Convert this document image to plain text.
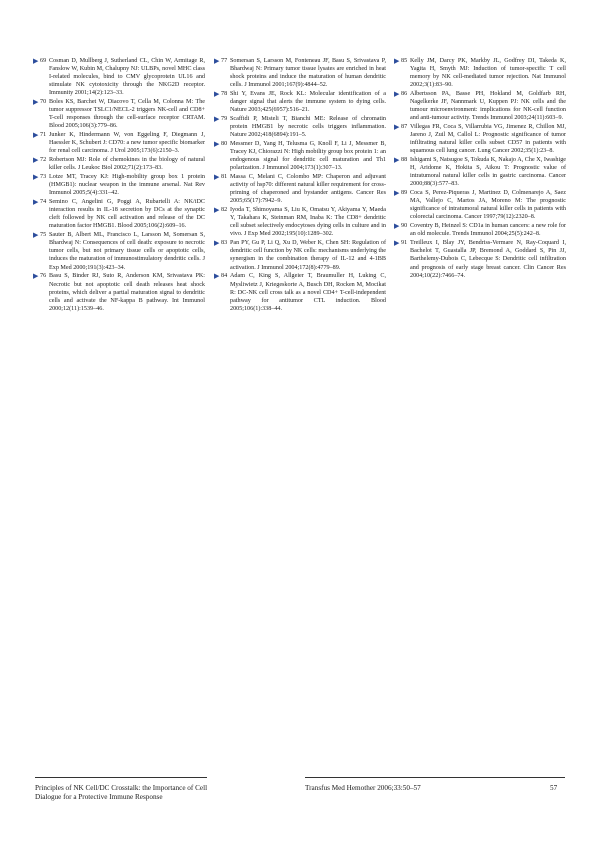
▶ 69 Cosman D, Mullberg J, Sutherland CL, Chin W, Armitage R, Fanslow W, Kubin M, Chalupny NJ: ULBPs, novel MHC class I-related molecules, bind to CMV glycoprotein UL16 and stimulate NK cytotoxicity through the NKG2D receptor. Immunity 2001;14(2):123–33.
▶ 70 Boles KS, Barchet W, Diacovo T, Cella M, Colonna M: The tumor suppressor TSLC1/NECL-2 triggers NK-cell and CD8+ T-cell responses through the cell-surface receptor CRTAM. Blood 2005;106(3):779–86.
▶ 71 Junker K, Hindermann W, von Eggeling F, Diegmann J, Haessler K, Schubert J: CD70: a new tumor specific biomarker for renal cell carcinoma. J Urol 2005;173(6):2150–3.
▶ 72 Robertson MJ: Role of chemokines in the biology of natural killer cells. J Leukoc Biol 2002;71(2):173–83.
▶ 73 Lotze MT, Tracey KJ: High-mobility group box 1 protein (HMGB1): nuclear weapon in the immune arsenal. Nat Rev Immunol 2005;5(4):331–42.
▶ 74 Semino C, Angelini G, Poggi A, Rubartelli A: NK/iDC interaction results in IL-18 secretion by DCs at the synaptic cleft followed by NK cell activation and release of the DC maturation factor HMGB1. Blood 2005;106(2):609–16.
▶ 75 Sauter B, Albert ML, Francisco L, Larsson M, Somersan S, Bhardwaj N: Consequences of cell death: exposure to necrotic tumor cells, but not primary tissue cells or apoptotic cells, induces the maturation of immunostimulatory dendritic cells. J Exp Med 2000;191(3):423–34.
▶ 76 Basu S, Binder RJ, Suto R, Anderson KM, Srivastava PK: Necrotic but not apoptotic cell death releases heat shock proteins, which deliver a partial maturation signal to dendritic cells and activate the NF-kappa B pathway. Int Immunol 2000;12(11):1539–46.
▶ 77 Somersan S, Larsson M, Fonteneau JF, Basu S, Srivastava P, Bhardwaj N: Primary tumor tissue lysates are enriched in heat shock proteins and induce the maturation of human dendritic cells. J Immunol 2001;167(9):4844–52.
▶ 78 Shi Y, Evans JE, Rock KL: Molecular identification of a danger signal that alerts the immune system to dying cells. Nature 2003;425(6957):516–21.
▶ 79 Scaffidi P, Misteli T, Bianchi ME: Release of chromatin protein HMGB1 by necrotic cells triggers inflammation. Nature 2002;418(6894):191–5.
▶ 80 Messmer D, Yang H, Telusma G, Knoll F, Li J, Messmer B, Tracey KJ, Chiorazzi N: High mobility group box protein 1: an endogenous signal for dendritic cell maturation and Th1 polarization. J Immunol 2004;173(1):307–13.
▶ 81 Massa C, Melani C, Colombo MP: Chaperon and adjuvant activity of hsp70: different natural killer requirement for cross-priming of chaperoned and bystander antigens. Cancer Res 2005;65(17):7942–9.
▶ 82 Iyoda T, Shimoyama S, Liu K, Omatsu Y, Akiyama Y, Maeda Y, Takahara K, Steinman RM, Inaba K: The CD8+ dendritic cell subset selectively endocytoses dying cells in culture and in vivo. J Exp Med 2002;195(10):1289–302.
▶ 83 Pan PY, Gu P, Li Q, Xu D, Weber K, Chen SH: Regulation of dendritic cell function by NK cells: mechanisms underlying the synergism in the combination therapy of IL-12 and 4-1BB activation. J Immunol 2004;172(8):4779–89.
▶ 84 Adam C, King S, Allgeier T, Braumuller H, Luking C, Mysliwietz J, Kriegeskorte A, Busch DH, Rocken M, Mocikat R: DC-NK cell cross talk as a novel CD4+ T-cell-independent pathway for antitumor CTL induction. Blood 2005;106(1):338–44.
▶ 85 Kelly JM, Darcy PK, Markby JL, Godfrey DI, Takeda K, Yagita H, Smyth MJ: Induction of tumor-specific T cell memory by NK cell-mediated tumor rejection. Nat Immunol 2002;3(1):83–90.
▶ 86 Albertsson PA, Basse PH, Hokland M, Goldfarb RH, Nagelkerke JF, Nannmark U, Kuppen PJ: NK cells and the tumour microenvironment: implications for NK-cell function and anti-tumour activity. Trends Immunol 2003;24(11):603–9.
▶ 87 Villegas FR, Coca S, Villarrubia VG, Jimenez R, Chillon MJ, Jareno J, Zuil M, Callol L: Prognostic significance of tumor infiltrating natural killer cells subset CD57 in patients with squamous cell lung cancer. Lung Cancer 2002;35(1):23–8.
▶ 88 Ishigami S, Natsugoe S, Tokuda K, Nakajo A, Che X, Iwashige H, Aridome K, Hokita S, Aikou T: Prognostic value of intratumoral natural killer cells in gastric carcinoma. Cancer 2000;88(3):577–83.
▶ 89 Coca S, Perez-Piqueras J, Martinez D, Colmenarejo A, Saez MA, Vallejo C, Martos JA, Moreno M: The prognostic significance of intratumoral natural killer cells in patients with colorectal carcinoma. Cancer 1997;79(12):2320–8.
▶ 90 Coventry B, Heinzel S: CD1a in human cancers: a new role for an old molecule. Trends Immunol 2004;25(5):242–8.
▶ 91 Treilleux I, Blay JY, Bendriss-Vermare N, Ray-Coquard I, Bachelot T, Guastalla JP, Bremond A, Goddard S, Pin JJ, Barthelemy-Dubois C, Lebecque S: Dendritic cell infiltration and prognosis of early stage breast cancer. Clin Cancer Res 2004;10(22):7466–74.
Principles of NK Cell/DC Crosstalk: the Importance of Cell Dialogue for a Protective Immune Response
Transfus Med Hemother 2006;33:50–57	57
